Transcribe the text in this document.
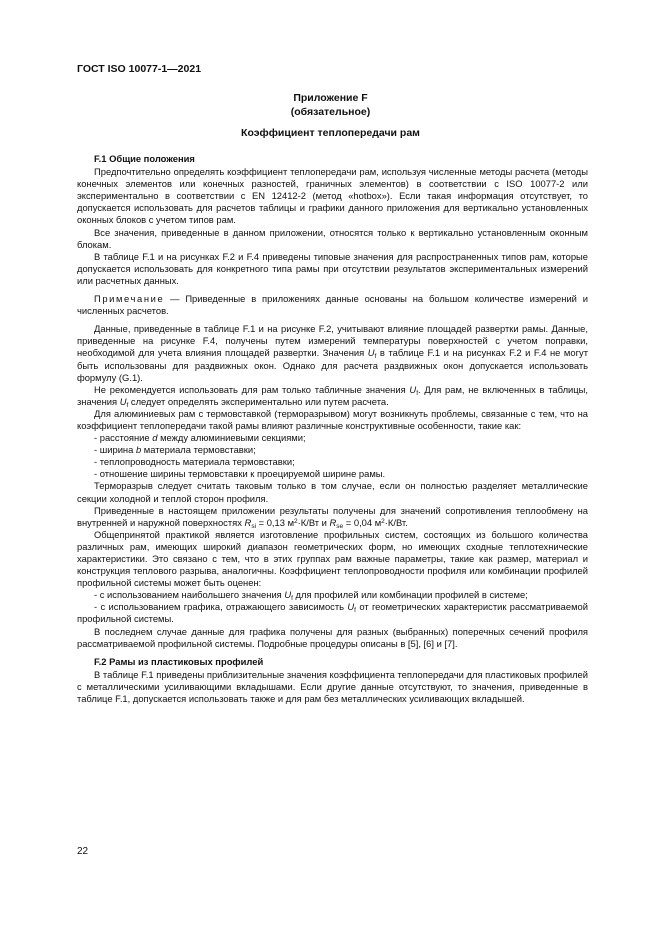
ГОСТ ISO 10077-1—2021
Приложение F
(обязательное)
Коэффициент теплопередачи рам
F.1 Общие положения

Предпочтительно определять коэффициент теплопередачи рам, используя численные методы расчета (методы конечных элементов или конечных разностей, граничных элементов) в соответствии с ISO 10077-2 или экспериментально в соответствии с EN 12412-2 (метод «hotbox»). Если такая информация отсутствует, то допускается использовать для расчетов таблицы и графики данного приложения для вертикально установленных оконных блоков с учетом типов рам.

Все значения, приведенные в данном приложении, относятся только к вертикально установленным оконным блокам.

В таблице F.1 и на рисунках F.2 и F.4 приведены типовые значения для распространенных типов рам, которые допускается использовать для конкретного типа рамы при отсутствии результатов экспериментальных измерений или расчетных данных.

Примечание — Приведенные в приложениях данные основаны на большом количестве измерений и численных расчетов.

Данные, приведенные в таблице F.1 и на рисунке F.2, учитывают влияние площадей развертки рамы. Данные, приведенные на рисунке F.4, получены путем измерений температуры поверхностей с учетом поправки, необходимой для учета влияния площадей развертки. Значения $U_f$ в таблице F.1 и на рисунках F.2 и F.4 не могут быть использованы для раздвижных окон. Однако для расчета раздвижных окон допускается использовать формулу (G.1).

Не рекомендуется использовать для рам только табличные значения $U_f$. Для рам, не включенных в таблицы, значения $U_f$ следует определять экспериментально или путем расчета.

Для алюминиевых рам с термовставкой (терморазрывом) могут возникнуть проблемы, связанные с тем, что на коэффициент теплопередачи такой рамы влияют различные конструктивные особенности, такие как:

- расстояние d между алюминиевыми секциями;

- ширина b материала термовставки;

- теплопроводность материала термовставки;

- отношение ширины термовставки к проецируемой ширине рамы.

Терморазрыв следует считать таковым только в том случае, если он полностью разделяет металлические секции холодной и теплой сторон профиля.

Приведенные в настоящем приложении результаты получены для значений сопротивления теплообмену на внутренней и наружной поверхностях $R_{si} = 0,13$ $м^2\cdot К/Вт$ и $R_{se} = 0,04$ $м^2\cdot К/Вт$.

Общепринятой практикой является изготовление профильных систем, состоящих из большого количества различных рам, имеющих широкий диапазон геометрических форм, но имеющих сходные теплотехнические характеристики. Это связано с тем, что в этих группах рам важные параметры, такие как размер, материал и конструкция теплового разрыва, аналогичны. Коэффициент теплопроводности профиля или комбинации профилей профильной системы может быть оценен:

- с использованием наибольшего значения $U_f$ для профилей или комбинации профилей в системе;

- с использованием графика, отражающего зависимость $U_f$ от геометрических характеристик рассматриваемой профильной системы.

В последнем случае данные для графика получены для разных (выбранных) поперечных сечений профиля рассматриваемой профильной системы. Подробные процедуры описаны в [5], [6] и [7].

F.2 Рамы из пластиковых профилей

В таблице F.1 приведены приблизительные значения коэффициента теплопередачи для пластиковых профилей с металлическими усиливающими вкладышами. Если другие данные отсутствуют, то значения, приведенные в таблице F.1, допускается использовать также и для рам без металлических усиливающих вкладышей.

22
